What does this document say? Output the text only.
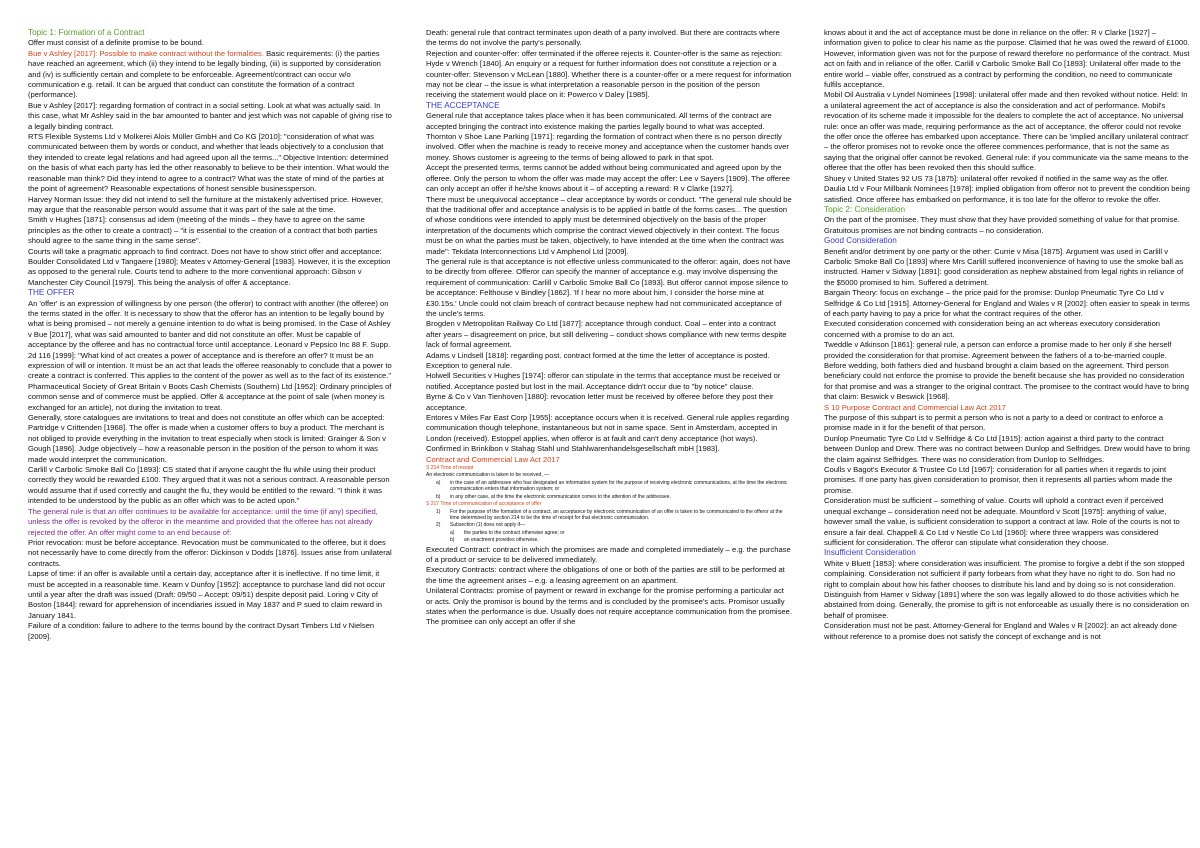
Topic 1: Formation of a Contract

Offer must consist of a definite promise to be bound.

Bue v Ashley [2017]: Possible to make contract without the formalities. Basic requirements: (i) the parties have reached an agreement, which (ii) they intend to be legally binding, (iii) is supported by consideration and (iv) is sufficiently certain and complete to be enforceable. Agreement/contract can occur w/o communication e.g. retail. It can be argued that conduct can constitute the formation of a contract (performance).

Bue v Ashley [2017]: regarding formation of contract in a social setting. Look at what was actually said. In this case, what Mr Ashley said in the bar amounted to banter and jest which was not capable of giving rise to a legally binding contract.

RTS Flexible Systems Ltd v Molkerei Alois Müller GmbH and Co KG [2010]: "consideration of what was communicated between them by words or conduct, and whether that leads objectively to a conclusion that they intended to create legal relations and had agreed upon all the terms..." Objective Intention: determined on the basis of what each party has led the other reasonably to believe to be their intention. What would the reasonable man think? Did they intend to agree to a contract? What was the state of mind of the parties at the point of agreement? Reasonable expectations of honest sensible businessperson.

Harvey Norman Issue: they did not intend to sell the furniture at the mistakenly advertised price. However, may argue that the reasonable person would assume that it was part of the sale at the time.

Smith v Hughes [1871]: consensus ad idem (meeting of the minds – they have to agree on the same principles as the other to create a contract) – "it is essential to the creation of a contract that both parties should agree to the same thing in the same sense".

Courts will take a pragmatic approach to find contract. Does not have to show strict offer and acceptance: Boulder Consolidated Ltd v Tangaere [1980]; Meates v Attorney-General [1983]. However, it is the exception as opposed to the general rule. Courts tend to adhere to the more conventional approach: Gibson v Manchester City Council [1979]. This being the analysis of offer & acceptance.

THE OFFER

An 'offer' is an expression of willingness by one person (the offeror) to contract with another (the offeree) on the terms stated in the offer. It is necessary to show that the offeror has an intention to be legally bound by what is being promised – not merely a genuine intention to do what is being promised. In the Case of Ashley v Bue [2017], what was said amounted to banter and did not constitute an offer. Must be capable of acceptance by the offeree and has no contractual force until acceptance. Leonard v Pepsico Inc 88 F. Supp. 2d 116 [1999]: "What kind of act creates a power of acceptance and is therefore an offer? It must be an expression of will or intention. It must be an act that leads the offeree reasonably to conclude that a power to create a contract is conferred. This applies to the content of the power as well as to the fact of its existence."

Pharmaceutical Society of Great Britain v Boots Cash Chemists (Southern) Ltd [1952]: Ordinary principles of common sense and of commerce must be applied. Offer & acceptance at the point of sale (when money is exchanged for an article), not during the invitation to treat.

Generally, store catalogues are invitations to treat and does not constitute an offer which can be accepted: Partridge v Crittenden [1968]. The offer is made when a customer offers to buy a product. The merchant is not obliged to provide everything in the invitation to treat especially when stock is limited: Grainger & Son v Gough [1896]. Judge objectively – how a reasonable person in the position of the person to whom it was made would interpret the communication.

Carlill v Carbolic Smoke Ball Co [1893]: CS stated that if anyone caught the flu while using their product correctly they would be rewarded £100. They argued that it was not a serious contract. A reasonable person would assume that if used correctly and caught the flu, they would be entitled to the reward. "I think it was intended to be understood by the public as an offer which was to be acted upon."

The general rule is that an offer continues to be available for acceptance: until the time (if any) specified, unless the offer is revoked by the offeror in the meantime and provided that the offeree has not already rejected the offer. An offer might come to an end because of:

Prior revocation: must be before acceptance. Revocation must be communicated to the offeree, but it does not necessarily have to come directly from the offeror: Dickinson v Dodds [1876]. Issues arise from unilateral contracts.

Lapse of time: if an offer is available until a certain day, acceptance after it is ineffective. If no time limit, it must be accepted in a reasonable time. Kearn v Dunfoy [1952]: acceptance to purchase land did not occur until a year after the draft was issued (Draft: 09/50 – Accept: 09/51) despite deposit paid. Loring v City of Boston [1844]: reward for apprehension of incendiaries issued in May 1837 and P sued to claim reward in January 1841.

Failure of a condition: failure to adhere to the terms bound by the contract Dysart Timbers Ltd v Nielsen [2009].

Death: general rule that contract terminates upon death of a party involved. But there are contracts where the terms do not involve the party's personally.

Rejection and counter-offer: offer terminated if the offeree rejects it. Counter-offer is the same as rejection: Hyde v Wrench [1840]. An enquiry or a request for further information does not constitute a rejection or a counter-offer: Stevenson v McLean [1880]. Whether there is a counter-offer or a mere request for information may not be clear – the issue is what interpretation a reasonable person in the position of the person receiving the statement would place on it: Powerco v Daley [1985].

THE ACCEPTANCE

General rule that acceptance takes place when it has been communicated. All terms of the contract are accepted bringing the contract into existence making the parties legally bound to what was accepted.

Thornton v Shoe Lane Parking [1971]: regarding the formation of contract when there is no person directly involved. Offer when the machine is ready to receive money and acceptance when the customer hands over money. Shows customer is agreeing to the terms of being allowed to park in that spot.

Accept the presented terms, terms cannot be added without being communicated and agreed upon by the offeree. Only the person to whom the offer was made may accept the offer: Lee v Sayers [1909]. The offeree can only accept an offer if he/she knows about it – of accepting a reward: R v Clarke [1927].

There must be unequivocal acceptance – clear acceptance by words or conduct. "The general rule should be that the traditional offer and acceptance analysis is to be applied in battle of the forms cases... The question of whose conditions were intended to apply must be determined objectively on the basis of the proper interpretation of the documents which comprise the contract viewed objectively in their context. The focus must be on what the parties must be taken, objectively, to have intended at the time when the contract was made": Tekdata Interconnections Ltd v Amphenol Ltd [2009].

The general rule is that acceptance is not effective unless communicated to the offeror: again, does not have to be directly from offeree. Offeror can specify the manner of acceptance e.g. may involve dispensing the requirement of communication: Carlill v Carbolic Smoke Ball Co [1893]. But offeror cannot impose silence to be acceptance: Felthouse v Bindley [1862]. 'If I hear no more about him, I consider the horse mine at £30.15s.' Uncle could not claim breach of contract because nephew had not communicated acceptance of the uncle's terms.

Brogden v Metropolitan Railway Co Ltd [1877]: acceptance through conduct. Coal – enter into a contract after years – disagreement on price, but still delivering – conduct shows compliance with new terms despite lack of formal agreement.

Adams v Lindsell [1818]: regarding post. contract formed at the time the letter of acceptance is posted. Exception to general rule.

Holwell Securities v Hughes [1974]: offeror can stipulate in the terms that acceptance must be received or notified. Acceptance posted but lost in the mail. Acceptance didn't occur due to "by notice" clause.

Byrne & Co v Van Tienhoven [1880]: revocation letter must be received by offeree before they post their acceptance.

Entores v Miles Far East Corp [1955]: acceptance occurs when it is received. General rule applies regarding communication though telephone, instantaneous but not in same space. Sent in Amsterdam, accepted in London (received). Estoppel applies, when offeror is at fault and can't deny acceptance (hot ways). Confirmed in Brinkibon v Stahag Stahl und Stahlwarenhandelsgesellschaft mbH [1983].

Contract and Commercial Law Act 2017

S 214 Time of receipt

An electronic communication is taken to be received, —

a)	in the case of an addressee who has designated an information system for the purpose of receiving electronic communications, at the time the electronic communication enters that information system; or
b)	in any other case, at the time the electronic communication comes to the attention of the addressee.

S 217 Time of communication of acceptance of offer

1)	For the purpose of the formation of a contract, an acceptance by electronic communication of an offer is taken to be communicated to the offeror at the time determined by section 214 to be the time of receipt for that electronic communication.
2)	Subsection (1) does not apply if—
a)	the parties to the contract otherwise agree; or
b)	an enactment provides otherwise.

Executed Contract: contract in which the promises are made and completed immediately – e.g. the purchase of a product or service to be delivered immediately.

Executory Contracts: contract where the obligations of one or both of the parties are still to be performed at the time the agreement arises – e.g. a leasing agreement on an apartment.

Unilateral Contracts: promise of payment or reward in exchange for the promise performing a particular act or acts. Only the promisor is bound by the terms and is concluded by the promisee's acts. Promisor usually states when the performance is due. Usually does not require acceptance communication from the promisee. The promisee can only accept an offer if she

knows about it and the act of acceptance must be done in reliance on the offer: R v Clarke [1927] – information given to police to clear his name as the purpose. Claimed that he was owed the reward of £1000. However, information given was not for the purpose of reward therefore no performance of the contract. Must act on faith and in reliance of the offer. Carlill v Carbolic Smoke Ball Co [1893]: Unilateral offer made to the entire world – viable offer, construed as a contract by performing the condition, no need to communicate fulfils acceptance.

Mobil Oil Australia v Lyndel Nominees [1998]: unilateral offer made and then revoked without notice. Held: In a unilateral agreement the act of acceptance is also the consideration and act of performance. Mobil's revocation of its scheme made it impossible for the dealers to complete the act of acceptance. No universal rule: once an offer was made, requiring performance as the act of acceptance, the offeror could not revoke the offer once the offeree has embarked upon acceptance. There can be 'implied ancillary unilateral contract' – the offeror promises not to revoke once the offeree commences performance, that is not the same as saying that the original offer cannot be revoked. General rule: if you communicate via the same means to the offeree that the offer has been revoked then this should suffice.

Shuey v United States 92 US 73 [1875]: unilateral offer revoked if notified in the same way as the offer.

Daulia Ltd v Four Millbank Nominees [1978]: implied obligation from offeror not to prevent the condition being satisfied. Once offeree has embarked on performance, it is too late for the offeror to revoke the offer.

Topic 2: Consideration

On the part of the promisee. They must show that they have provided something of value for that promise. Gratuitous promises are not binding contracts – no consideration.

Good Consideration

Benefit and/or detriment by one party or the other: Currie v Misa [1875]. Argument was used in Carlill v Carbolic Smoke Ball Co [1893] where Mrs Carlill suffered inconvenience of having to use the smoke ball as instructed. Hamer v Sidway [1891]: good consideration as nephew abstained from legal rights in reliance of the $5000 promised to him. Suffered a detriment.

Bargain Theory: focus on exchange – the price paid for the promise: Dunlop Pneumatic Tyre Co Ltd v Selfridge & Co Ltd [1915]. Attorney-General for England and Wales v R [2002]: often easier to speak in terms of each party having to pay a price for what the contract requires of the other.

Executed consideration concerned with consideration being an act whereas executory consideration concerned with a promise to do an act.

Tweddle v Atkinson [1861]: general rule, a person can enforce a promise made to her only if she herself provided the consideration for that promise. Agreement between the fathers of a to-be-married couple. Before wedding, both fathers died and husband brought a claim based on the agreement. Third person beneficiary could not enforce the promise to provide the benefit because she has provided no consideration for that promise and was a stranger to the original contract. The promisee to the contract would have to bring that claim: Beswick v Beswick [1968].

S 10 Purpose Contract and Commercial Law Act 2017

The purpose of this subpart is to permit a person who is not a party to a deed or contract to enforce a promise made in it for the benefit of that person.

Dunlop Pneumatic Tyre Co Ltd v Selfridge & Co Ltd [1915]: action against a third party to the contract between Dunlop and Drew. There was no contract between Dunlop and Selfridges. Drew would have to bring the claim against Selfridges. There was no consideration from Dunlop to Selfridges.

Coulls v Bagot's Executor & Trustee Co Ltd [1967]: consideration for all parties when it regards to joint promises. If one party has given consideration to promisor, then it represents all parties whom made the promise.

Consideration must be sufficient – something of value. Courts will uphold a contract even if perceived unequal exchange – consideration need not be adequate. Mountford v Scott [1975]: anything of value, however small the value, is sufficient consideration to support a contract at law. Role of the courts is not to ensure a fair deal. Chappell & Co Ltd v Nestle Co Ltd [1960]: where three wrappers was considered sufficient for consideration. The offeror can stipulate what consideration they choose.

Insufficient Consideration

White v Bluett [1853]: where consideration was insufficient. The promise to forgive a debt if the son stopped complaining. Consideration not sufficient if party forbears from what they have no right to do. Son had no right to complain about how his father chooses to distribute his land and by doing so is not consideration. Distinguish from Hamer v Sidway [1891] where the son was legally allowed to do those activities which he abstained from doing. Generally, the promise to gift is not enforceable as usually there is no consideration on behalf of promisee.

Consideration must not be past. Attorney-General for England and Wales v R [2002]: an act already done without reference to a promise does not satisfy the concept of exchange and is not
